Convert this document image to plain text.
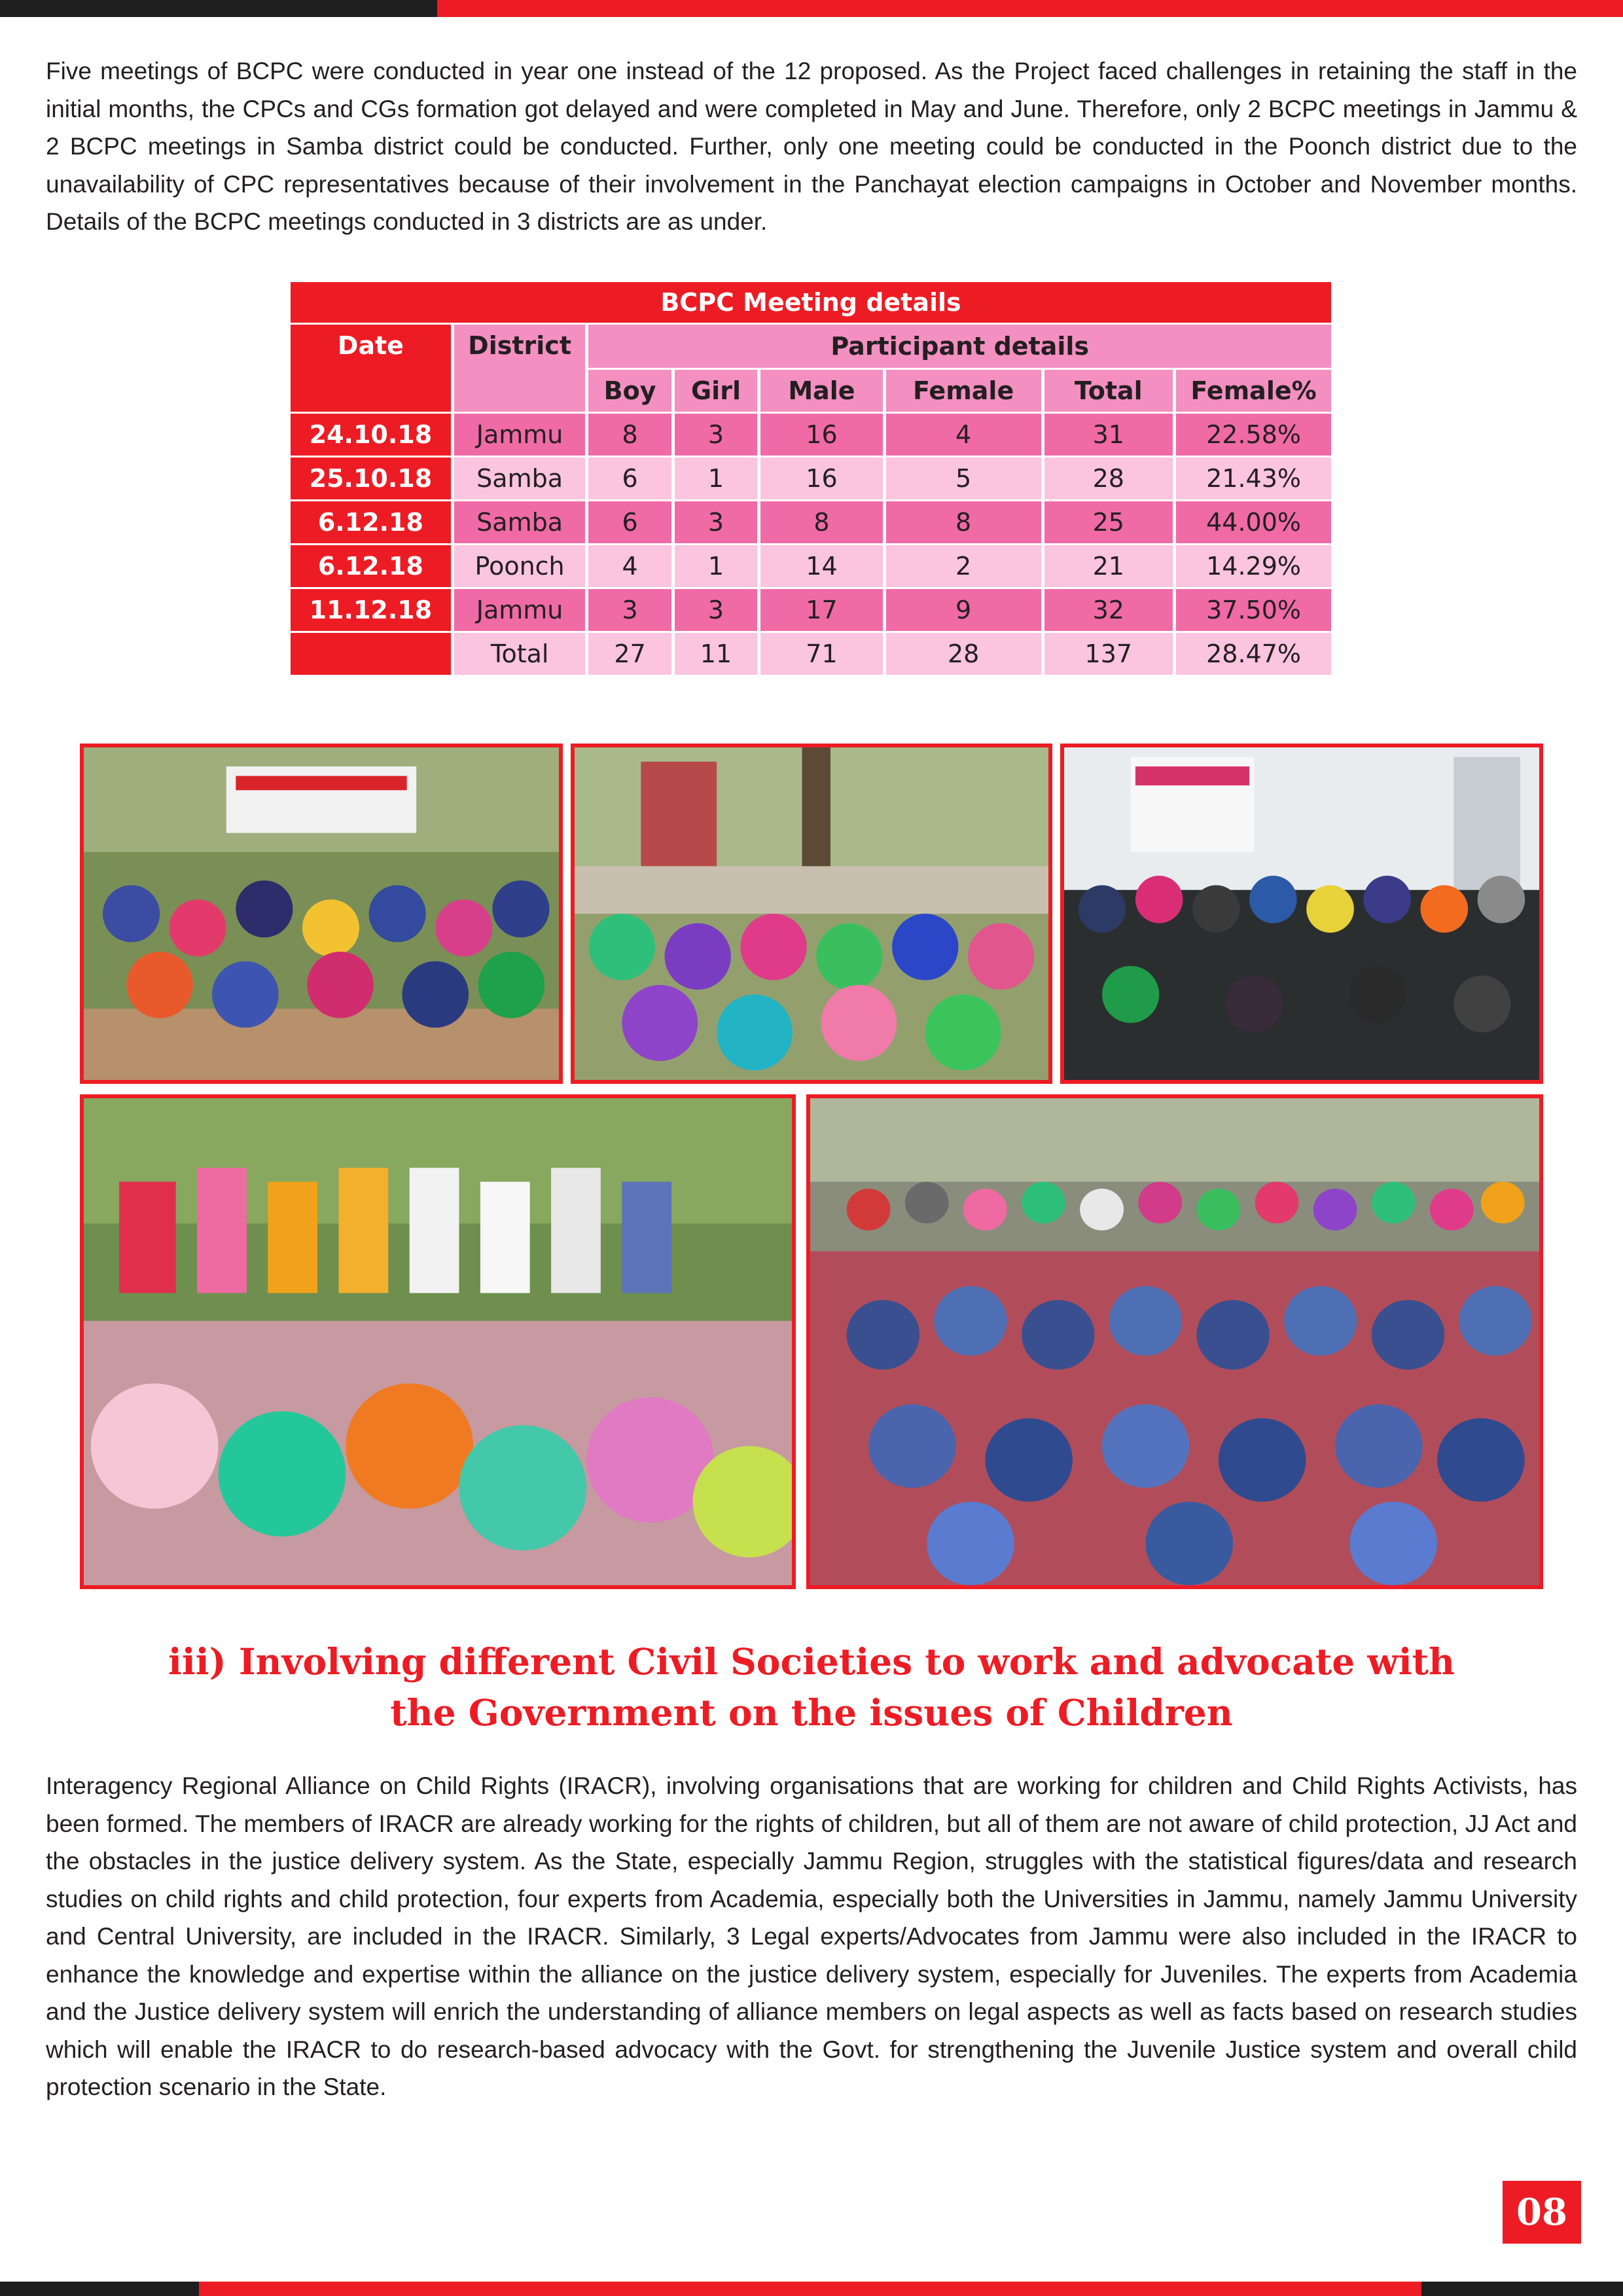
Five meetings of BCPC were conducted in year one instead of the 12 proposed. As the Project faced challenges in retaining the staff in the initial months, the CPCs and CGs formation got delayed and were completed in May and June. Therefore, only 2 BCPC meetings in Jammu & 2 BCPC meetings in Samba district could be conducted. Further, only one meeting could be conducted in the Poonch district due to the unavailability of CPC representatives because of their involvement in the Panchayat election campaigns in October and November months. Details of the BCPC meetings conducted in 3 districts are as under.

BCPC Meeting details							
Date	District	Participant details					
		Boy	Girl	Male	Female	Total	Female%
24.10.18	Jammu	8	3	16	4	31	22.58%
25.10.18	Samba	6	1	16	5	28	21.43%
6.12.18	Samba	6	3	8	8	25	44.00%
6.12.18	Poonch	4	1	14	2	21	14.29%
11.12.18	Jammu	3	3	17	9	32	37.50%
	Total	27	11	71	28	137	28.47%
iii) Involving different Civil Societies to work and advocate with
the Government on the issues of Children

Interagency Regional Alliance on Child Rights (IRACR), involving organisations that are working for children and Child Rights Activists, has been formed. The members of IRACR are already working for the rights of children, but all of them are not aware of child protection, JJ Act and the obstacles in the justice delivery system. As the State, especially Jammu Region, struggles with the statistical figures/data and research studies on child rights and child protection, four experts from Academia, especially both the Universities in Jammu, namely Jammu University and Central University, are included in the IRACR. Similarly, 3 Legal experts/Advocates from Jammu were also included in the IRACR to enhance the knowledge and expertise within the alliance on the justice delivery system, especially for Juveniles. The experts from Academia and the Justice delivery system will enrich the understanding of alliance members on legal aspects as well as facts based on research studies which will enable the IRACR to do research-based advocacy with the Govt. for strengthening the Juvenile Justice system and overall child protection scenario in the State.

08
